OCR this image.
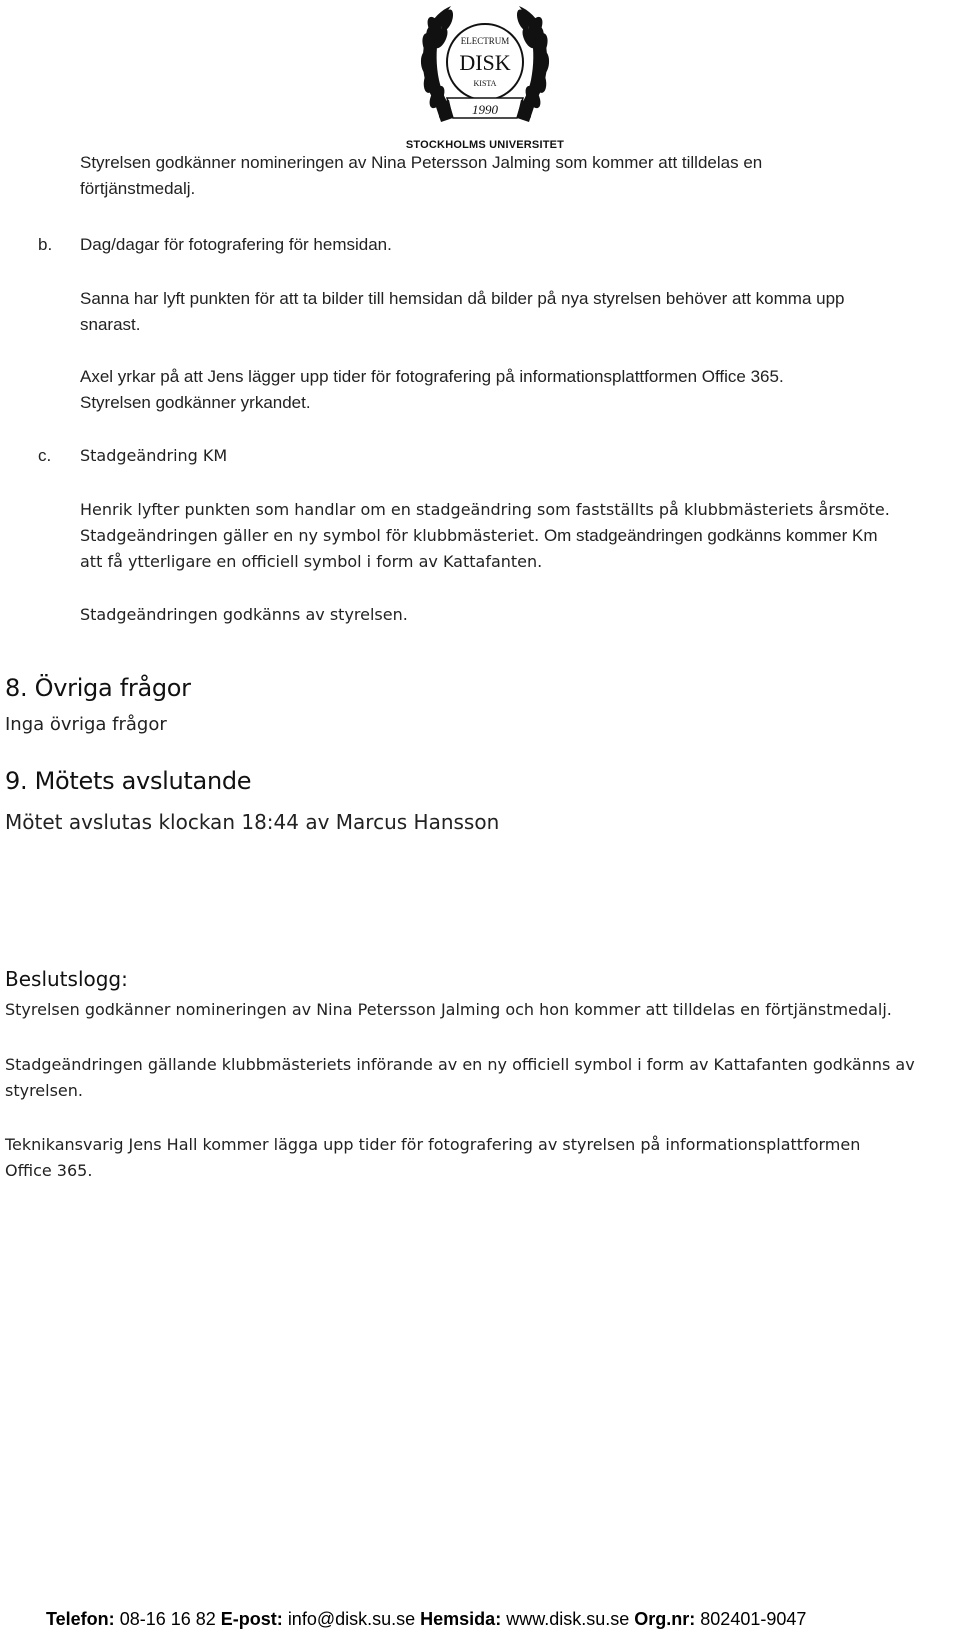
ELECTRUM
DISK
KISTA
1990
STOCKHOLMS UNIVERSITET

Styrelsen godkänner nomineringen av Nina Petersson Jalming som kommer att tilldelas en

förtjänstmedalj.

b. Dag/dagar för fotografering för hemsidan.

Sanna har lyft punkten för att ta bilder till hemsidan då bilder på nya styrelsen behöver att komma upp

snarast.

Axel yrkar på att Jens lägger upp tider för fotografering på informationsplattformen Office 365.

Styrelsen godkänner yrkandet.

c. Stadgeändring KM

Henrik lyfter punkten som handlar om en stadgeändring som fastställts på klubbmästeriets årsmöte.

Stadgeändringen gäller en ny symbol för klubbmästeriet. Om stadgeändringen godkänns kommer Km

att få ytterligare en officiell symbol i form av Kattafanten.

Stadgeändringen godkänns av styrelsen.

8. Övriga frågor

Inga övriga frågor

9. Mötets avslutande

Mötet avslutas klockan 18:44 av Marcus Hansson

Beslutslogg:

Styrelsen godkänner nomineringen av Nina Petersson Jalming och hon kommer att tilldelas en förtjänstmedalj.

Stadgeändringen gällande klubbmästeriets införande av en ny officiell symbol i form av Kattafanten godkänns av

styrelsen.

Teknikansvarig Jens Hall kommer lägga upp tider för fotografering av styrelsen på informationsplattformen

Office 365.

Telefon: 08-16 16 82 E-post: info@disk.su.se Hemsida: www.disk.su.se Org.nr: 802401-9047
